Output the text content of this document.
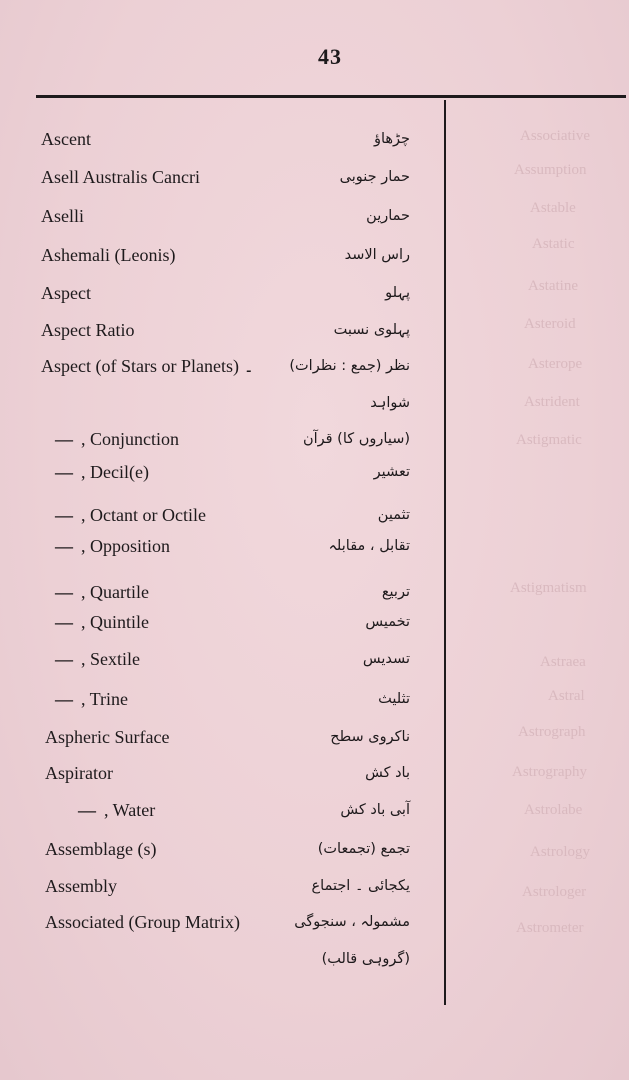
Associative
Assumption
Astable
Astatic
Astatine
Asteroid
Asterope
Astrident
Astigmatic
Astigmatism
Astraea
Astral
Astrograph
Astrography
Astrolabe
Astrology
Astrologer
Astrometer
43
Ascent	چڑھاؤ
Asell Australis Cancri	حمار جنوبی
Aselli	حمارین
Ashemali (Leonis)	راس الاسد
Aspect	پہلو
Aspect Ratio	پہلوی نسبت
Aspect (of Stars or Planets) ۔ نظر (جمع : نظرات)
شواہد
— , Conjunction	(سیاروں کا) قرآن
— , Decil(e)	تعشیر
— , Octant or Octile	تثمین
— , Opposition	تقابل ، مقابلہ
— , Quartile	تربیع
— , Quintile	تخمیس
— , Sextile	تسدیس
— , Trine	تثلیث
Aspheric Surface	ناکروی سطح
Aspirator	باد کش
— , Water	آبی باد کش
Assemblage (s)	تجمع (تجمعات)
Assembly	یکجائی ۔ اجتماع
Associated (Group Matrix)	مشمولہ ، سنجوگی
(گروہی قالب)
